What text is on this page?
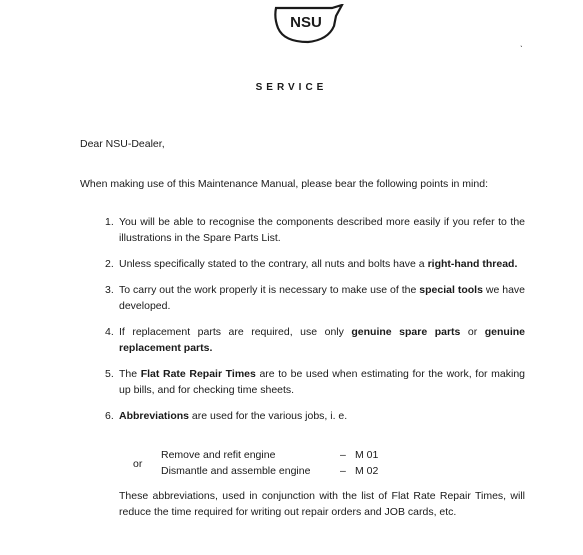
NSU
ˎ
SERVICE
Dear NSU-Dealer,
When making use of this Maintenance Manual, please bear the following points in mind:
1. You will be able to recognise the components described more easily if you refer to the illustrations in the Spare Parts List.
2. Unless specifically stated to the contrary, all nuts and bolts have a right-hand thread.
3. To carry out the work properly it is necessary to make use of the special tools we have developed.
4. If replacement parts are required, use only genuine spare parts or genuine replacement parts.
5. The Flat Rate Repair Times are to be used when estimating for the work, for making up bills, and for checking time sheets.
6. Abbreviations are used for the various jobs, i. e.
or
Remove and refit engine	– M 01
Dismantle and assemble engine	– M 02
These abbreviations, used in conjunction with the list of Flat Rate Repair Times, will reduce the time required for writing out repair orders and JOB cards, etc.
